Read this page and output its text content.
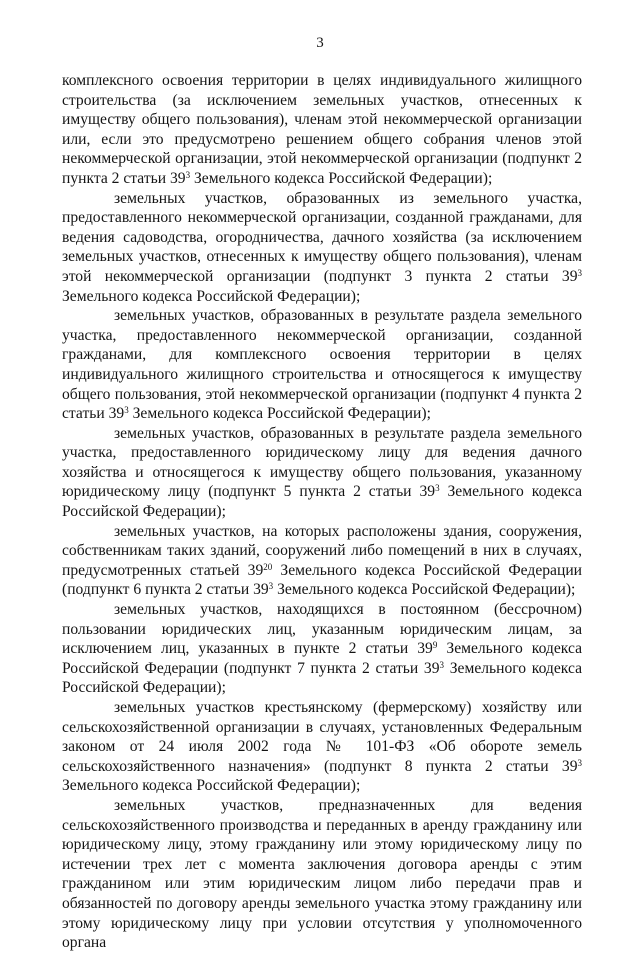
3

комплексного освоения территории в целях индивидуального жилищного строительства (за исключением земельных участков, отнесенных к имуществу общего пользования), членам этой некоммерческой организации или, если это предусмотрено решением общего собрания членов этой некоммерческой организации, этой некоммерческой организации (подпункт 2 пункта 2 статьи $39^3$ Земельного кодекса Российской Федерации);

земельных участков, образованных из земельного участка, предоставленного некоммерческой организации, созданной гражданами, для ведения садоводства, огородничества, дачного хозяйства (за исключением земельных участков, отнесенных к имуществу общего пользования), членам этой некоммерческой организации (подпункт 3 пункта 2 статьи $39^3$ Земельного кодекса Российской Федерации);

земельных участков, образованных в результате раздела земельного участка, предоставленного некоммерческой организации, созданной гражданами, для комплексного освоения территории в целях индивидуального жилищного строительства и относящегося к имуществу общего пользования, этой некоммерческой организации (подпункт 4 пункта 2 статьи $39^3$ Земельного кодекса Российской Федерации);

земельных участков, образованных в результате раздела земельного участка, предоставленного юридическому лицу для ведения дачного хозяйства и относящегося к имуществу общего пользования, указанному юридическому лицу (подпункт 5 пункта 2 статьи $39^3$ Земельного кодекса Российской Федерации);

земельных участков, на которых расположены здания, сооружения, собственникам таких зданий, сооружений либо помещений в них в случаях, предусмотренных статьей $39^{20}$ Земельного кодекса Российской Федерации (подпункт 6 пункта 2 статьи $39^3$ Земельного кодекса Российской Федерации);

земельных участков, находящихся в постоянном (бессрочном) пользовании юридических лиц, указанным юридическим лицам, за исключением лиц, указанных в пункте 2 статьи $39^9$ Земельного кодекса Российской Федерации (подпункт 7 пункта 2 статьи $39^3$ Земельного кодекса Российской Федерации);

земельных участков крестьянскому (фермерскому) хозяйству или сельскохозяйственной организации в случаях, установленных Федеральным законом от 24 июля 2002 года № 101-ФЗ «Об обороте земель сельскохозяйственного назначения» (подпункт 8 пункта 2 статьи $39^3$ Земельного кодекса Российской Федерации);

земельных участков, предназначенных для ведения сельскохозяйственного производства и переданных в аренду гражданину или юридическому лицу, этому гражданину или этому юридическому лицу по истечении трех лет с момента заключения договора аренды с этим гражданином или этим юридическим лицом либо передачи прав и обязанностей по договору аренды земельного участка этому гражданину или этому юридическому лицу при условии отсутствия у уполномоченного органа
